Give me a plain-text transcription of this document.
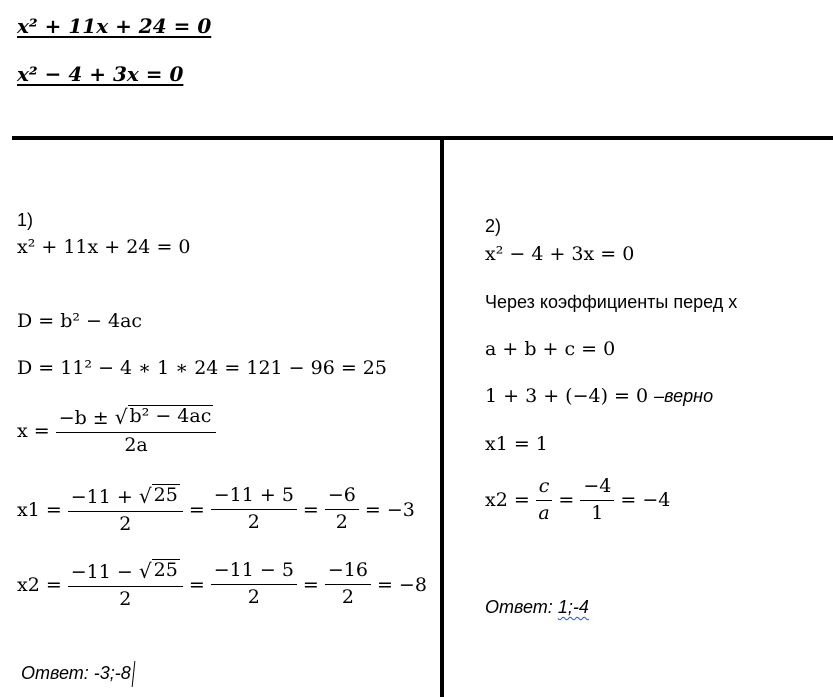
x² + 11x + 24 = 0
x² − 4 + 3x = 0
1)
x² + 11x + 24 = 0
D = b² − 4ac
D = 11² − 4 ∗ 1 ∗ 24 = 121 − 96 = 25
$x = \frac{\text{−b ± √ b² − 4ac}}{2a}$
$x1 = \frac{-11 + √ 25}{2} = \frac{-11 + 5}{2} = \frac{-6}{2} = -3$
$x2 = \frac{-11 - √ 25}{2} = \frac{-11 - 5}{2} = \frac{-16}{2} = -8$
Ответ: -3;-8
2)
x² − 4 + 3x = 0
Через коэффициенты перед x
a + b + c = 0
1 + 3 + (−4) = 0 –верно
x1 = 1
$x2 = \frac{c}{a} = \frac{-4}{1} = -4$
Ответ: 1;-4
